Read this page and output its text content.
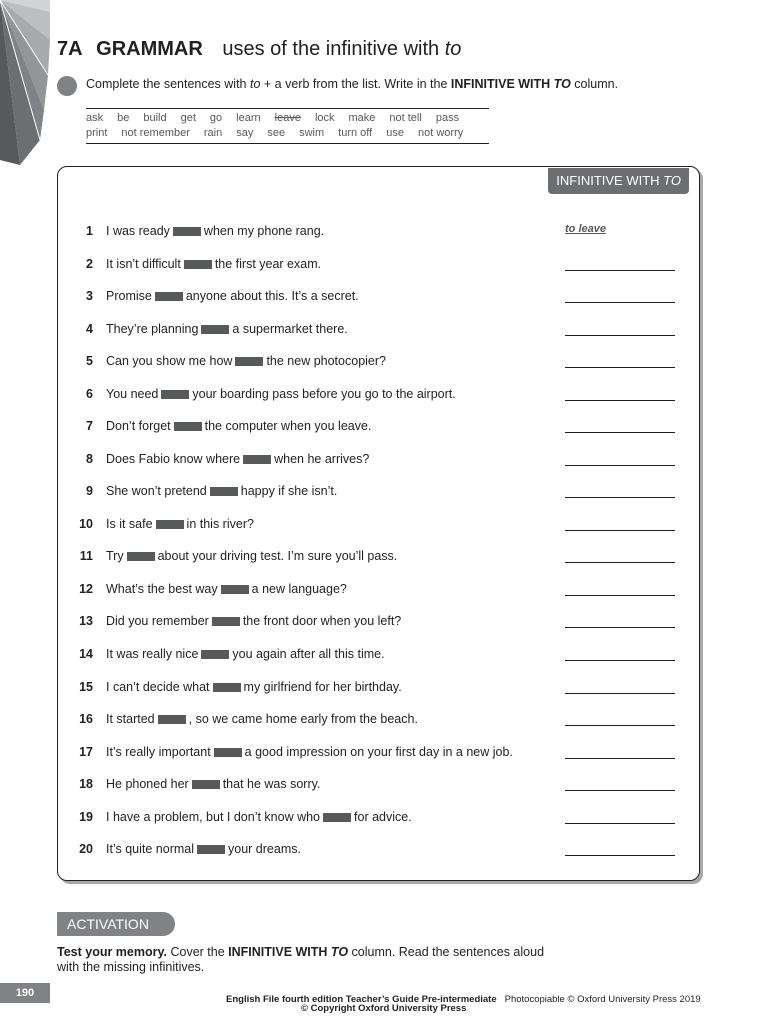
7A GRAMMAR uses of the infinitive with to
Complete the sentences with to + a verb from the list. Write in the INFINITIVE WITH TO column.
ask be build get go learn leave lock make not tell pass
print not remember rain say see swim turn off use not worry
INFINITIVE WITH TO
1 I was ready	when my phone rang.	to leave
2 It isn’t difficult	the first year exam.
3 Promise	anyone about this. It’s a secret.
4 They’re planning	a supermarket there.
5 Can you show me how	the new photocopier?
6 You need	your boarding pass before you go to the airport.
7 Don’t forget	the computer when you leave.
8 Does Fabio know where	when he arrives?
9 She won’t pretend	happy if she isn’t.
10 Is it safe	in this river?
11 Try	about your driving test. I’m sure you’ll pass.
12 What’s the best way	a new language?
13 Did you remember	the front door when you left?
14 It was really nice	you again after all this time.
15 I can’t decide what	my girlfriend for her birthday.
16 It started	, so we came home early from the beach.
17 It’s really important	a good impression on your first day in a new job.
18 He phoned her	that he was sorry.
19 I have a problem, but I don’t know who	for advice.
20 It’s quite normal	your dreams.
ACTIVATION
Test your memory. Cover the INFINITIVE WITH TO column. Read the sentences aloud with the missing infinitives.
190
English File fourth edition Teacher’s Guide Pre-intermediate Photocopiable © Oxford University Press 2019
© Copyright Oxford University Press
